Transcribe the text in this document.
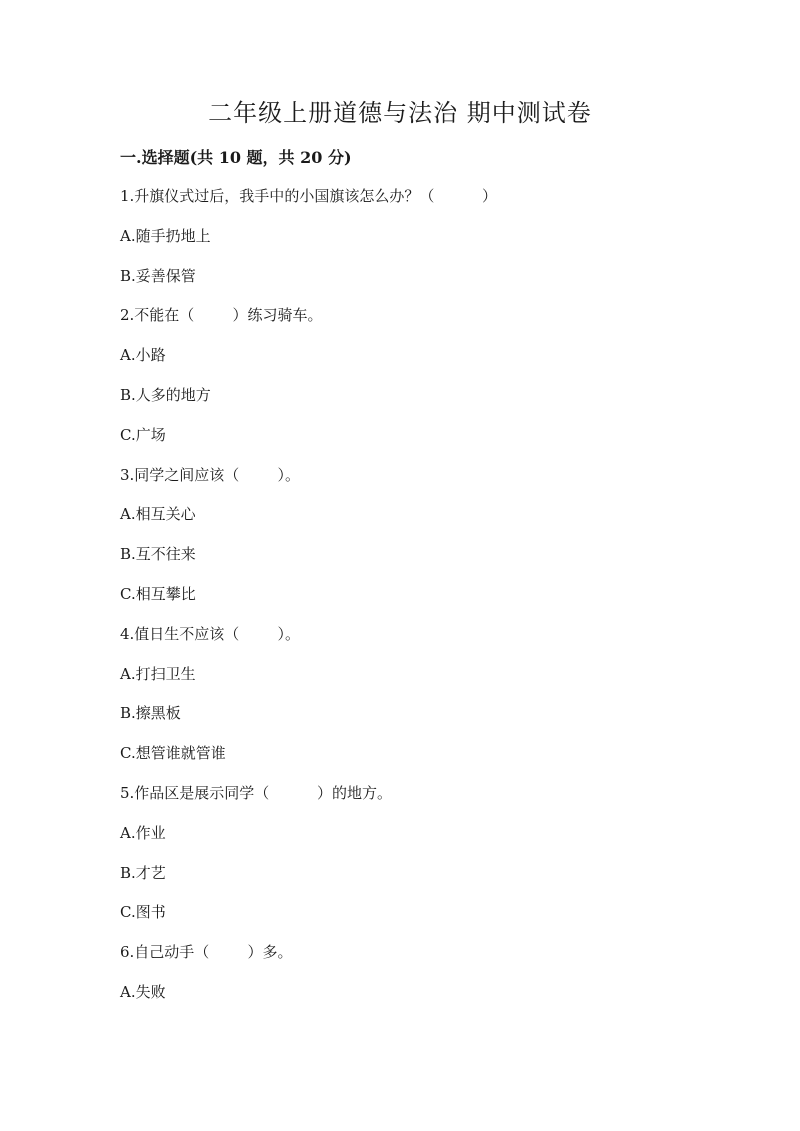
二年级上册道德与法治 期中测试卷
一.选择题(共 10 题，共 20 分)
1.升旗仪式过后，我手中的小国旗该怎么办？（          ）
A.随手扔地上
B.妥善保管
2.不能在（        ）练习骑车。
A.小路
B.人多的地方
C.广场
3.同学之间应该（        ）。
A.相互关心
B.互不往来
C.相互攀比
4.值日生不应该（        ）。
A.打扫卫生
B.擦黑板
C.想管谁就管谁
5.作品区是展示同学（          ）的地方。
A.作业
B.才艺
C.图书
6.自己动手（        ）多。
A.失败
